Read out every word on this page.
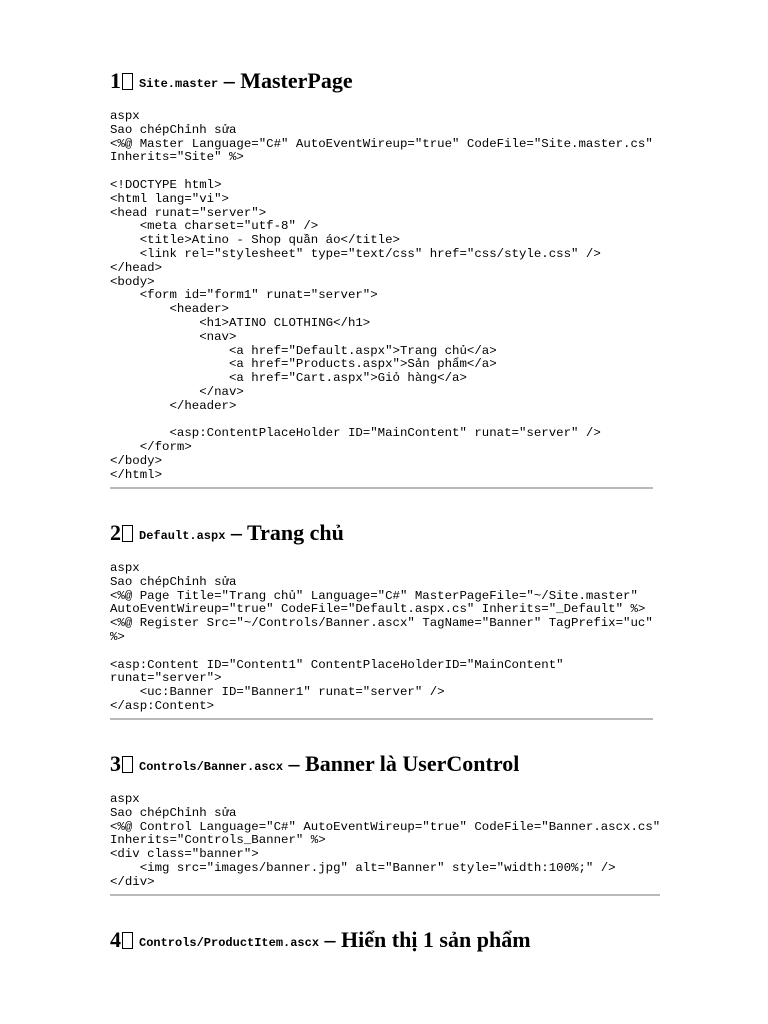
1 Site.master – MasterPage
aspx
Sao chépChỉnh sửa
<%@ Master Language="C#" AutoEventWireup="true" CodeFile="Site.master.cs"
Inherits="Site" %>

<!DOCTYPE html>
<html lang="vi">
<head runat="server">
<meta charset="utf-8" />
<title>Atino - Shop quần áo</title>
<link rel="stylesheet" type="text/css" href="css/style.css" />
</head>
<body>
<form id="form1" runat="server">
<header>
<h1>ATINO CLOTHING</h1>
<nav>
<a href="Default.aspx">Trang chủ</a>
<a href="Products.aspx">Sản phẩm</a>
<a href="Cart.aspx">Giỏ hàng</a>
</nav>
</header>

<asp:ContentPlaceHolder ID="MainContent" runat="server" />
</form>
</body>
</html>
2 Default.aspx – Trang chủ
aspx
Sao chépChỉnh sửa
<%@ Page Title="Trang chủ" Language="C#" MasterPageFile="~/Site.master"
AutoEventWireup="true" CodeFile="Default.aspx.cs" Inherits="_Default" %>
<%@ Register Src="~/Controls/Banner.ascx" TagName="Banner" TagPrefix="uc"
%>

<asp:Content ID="Content1" ContentPlaceHolderID="MainContent"
runat="server">
<uc:Banner ID="Banner1" runat="server" />
</asp:Content>
3 Controls/Banner.ascx – Banner là UserControl
aspx
Sao chépChỉnh sửa
<%@ Control Language="C#" AutoEventWireup="true" CodeFile="Banner.ascx.cs"
Inherits="Controls_Banner" %>
<div class="banner">
<img src="images/banner.jpg" alt="Banner" style="width:100%;" />
</div>
4 Controls/ProductItem.ascx – Hiển thị 1 sản phẩm
